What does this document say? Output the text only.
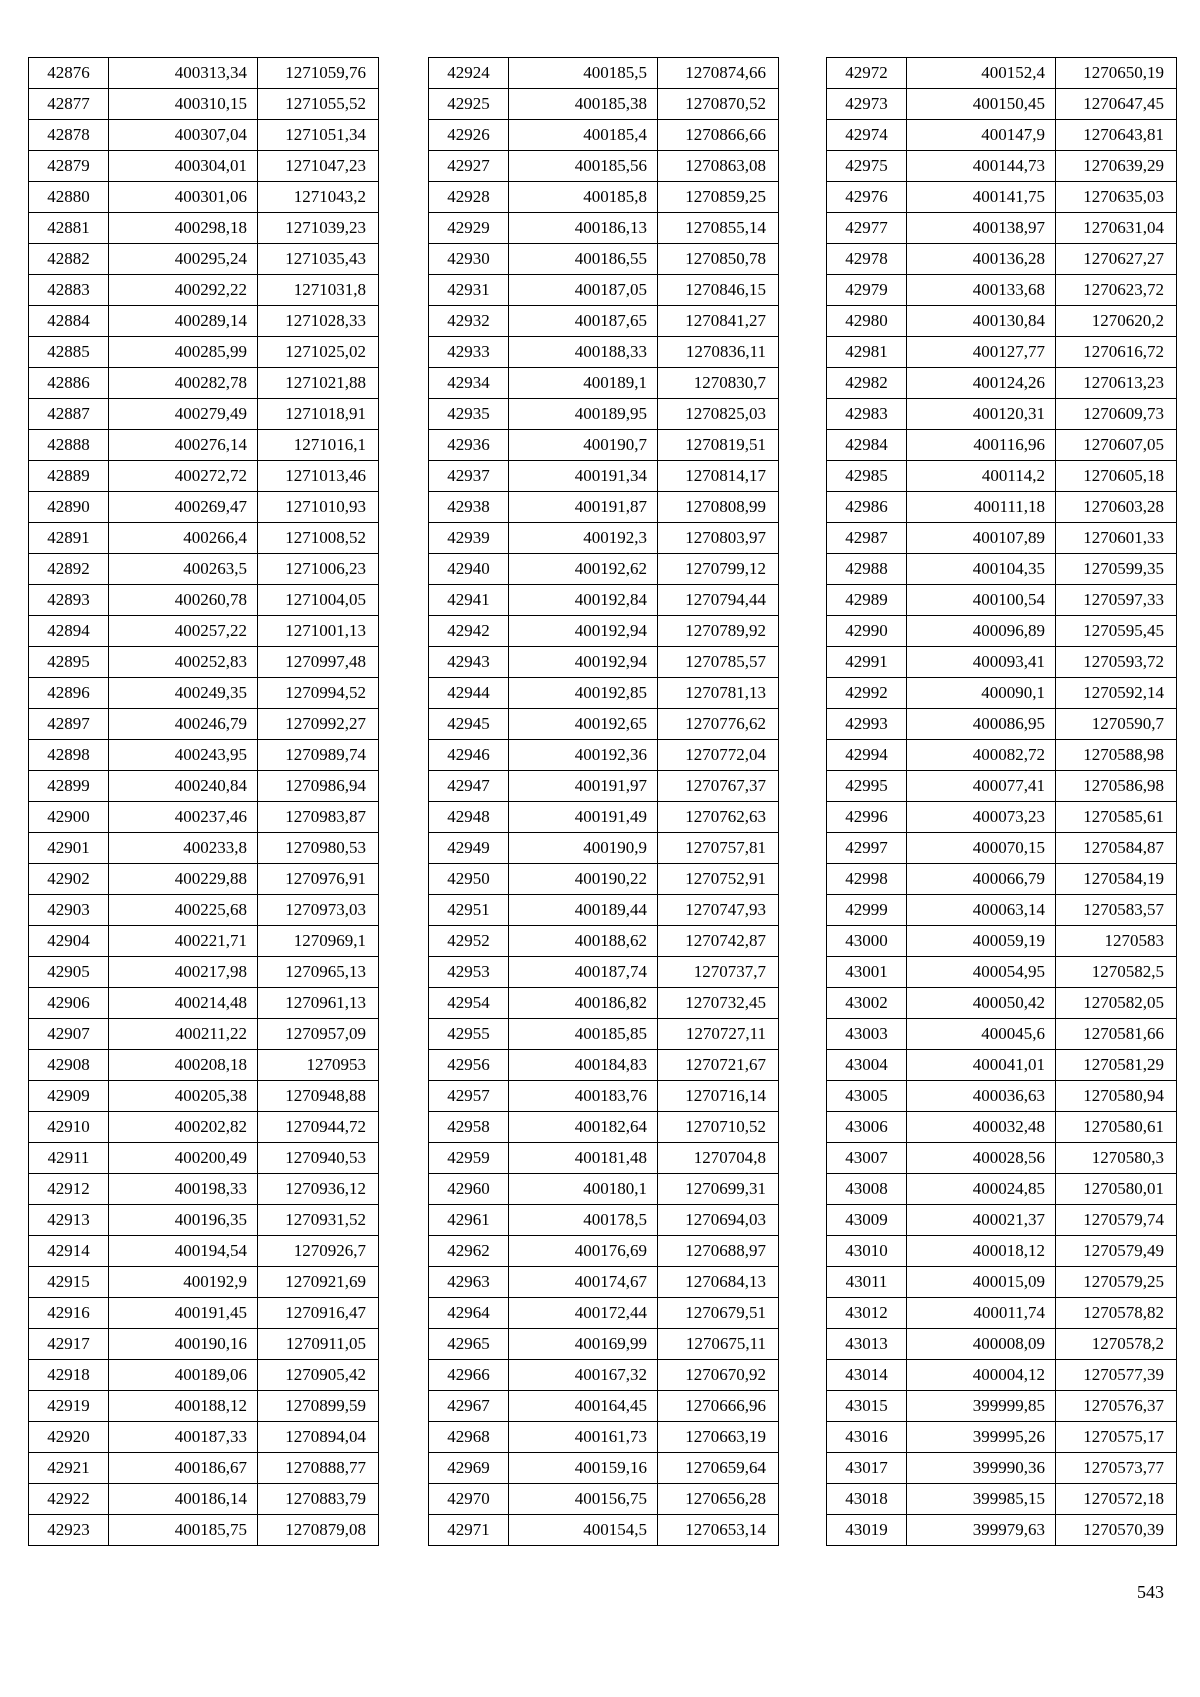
42876	400313,34	1271059,76
42877	400310,15	1271055,52
42878	400307,04	1271051,34
42879	400304,01	1271047,23
42880	400301,06	1271043,2
42881	400298,18	1271039,23
42882	400295,24	1271035,43
42883	400292,22	1271031,8
42884	400289,14	1271028,33
42885	400285,99	1271025,02
42886	400282,78	1271021,88
42887	400279,49	1271018,91
42888	400276,14	1271016,1
42889	400272,72	1271013,46
42890	400269,47	1271010,93
42891	400266,4	1271008,52
42892	400263,5	1271006,23
42893	400260,78	1271004,05
42894	400257,22	1271001,13
42895	400252,83	1270997,48
42896	400249,35	1270994,52
42897	400246,79	1270992,27
42898	400243,95	1270989,74
42899	400240,84	1270986,94
42900	400237,46	1270983,87
42901	400233,8	1270980,53
42902	400229,88	1270976,91
42903	400225,68	1270973,03
42904	400221,71	1270969,1
42905	400217,98	1270965,13
42906	400214,48	1270961,13
42907	400211,22	1270957,09
42908	400208,18	1270953
42909	400205,38	1270948,88
42910	400202,82	1270944,72
42911	400200,49	1270940,53
42912	400198,33	1270936,12
42913	400196,35	1270931,52
42914	400194,54	1270926,7
42915	400192,9	1270921,69
42916	400191,45	1270916,47
42917	400190,16	1270911,05
42918	400189,06	1270905,42
42919	400188,12	1270899,59
42920	400187,33	1270894,04
42921	400186,67	1270888,77
42922	400186,14	1270883,79
42923	400185,75	1270879,08
42924	400185,5	1270874,66
42925	400185,38	1270870,52
42926	400185,4	1270866,66
42927	400185,56	1270863,08
42928	400185,8	1270859,25
42929	400186,13	1270855,14
42930	400186,55	1270850,78
42931	400187,05	1270846,15
42932	400187,65	1270841,27
42933	400188,33	1270836,11
42934	400189,1	1270830,7
42935	400189,95	1270825,03
42936	400190,7	1270819,51
42937	400191,34	1270814,17
42938	400191,87	1270808,99
42939	400192,3	1270803,97
42940	400192,62	1270799,12
42941	400192,84	1270794,44
42942	400192,94	1270789,92
42943	400192,94	1270785,57
42944	400192,85	1270781,13
42945	400192,65	1270776,62
42946	400192,36	1270772,04
42947	400191,97	1270767,37
42948	400191,49	1270762,63
42949	400190,9	1270757,81
42950	400190,22	1270752,91
42951	400189,44	1270747,93
42952	400188,62	1270742,87
42953	400187,74	1270737,7
42954	400186,82	1270732,45
42955	400185,85	1270727,11
42956	400184,83	1270721,67
42957	400183,76	1270716,14
42958	400182,64	1270710,52
42959	400181,48	1270704,8
42960	400180,1	1270699,31
42961	400178,5	1270694,03
42962	400176,69	1270688,97
42963	400174,67	1270684,13
42964	400172,44	1270679,51
42965	400169,99	1270675,11
42966	400167,32	1270670,92
42967	400164,45	1270666,96
42968	400161,73	1270663,19
42969	400159,16	1270659,64
42970	400156,75	1270656,28
42971	400154,5	1270653,14
42972	400152,4	1270650,19
42973	400150,45	1270647,45
42974	400147,9	1270643,81
42975	400144,73	1270639,29
42976	400141,75	1270635,03
42977	400138,97	1270631,04
42978	400136,28	1270627,27
42979	400133,68	1270623,72
42980	400130,84	1270620,2
42981	400127,77	1270616,72
42982	400124,26	1270613,23
42983	400120,31	1270609,73
42984	400116,96	1270607,05
42985	400114,2	1270605,18
42986	400111,18	1270603,28
42987	400107,89	1270601,33
42988	400104,35	1270599,35
42989	400100,54	1270597,33
42990	400096,89	1270595,45
42991	400093,41	1270593,72
42992	400090,1	1270592,14
42993	400086,95	1270590,7
42994	400082,72	1270588,98
42995	400077,41	1270586,98
42996	400073,23	1270585,61
42997	400070,15	1270584,87
42998	400066,79	1270584,19
42999	400063,14	1270583,57
43000	400059,19	1270583
43001	400054,95	1270582,5
43002	400050,42	1270582,05
43003	400045,6	1270581,66
43004	400041,01	1270581,29
43005	400036,63	1270580,94
43006	400032,48	1270580,61
43007	400028,56	1270580,3
43008	400024,85	1270580,01
43009	400021,37	1270579,74
43010	400018,12	1270579,49
43011	400015,09	1270579,25
43012	400011,74	1270578,82
43013	400008,09	1270578,2
43014	400004,12	1270577,39
43015	399999,85	1270576,37
43016	399995,26	1270575,17
43017	399990,36	1270573,77
43018	399985,15	1270572,18
43019	399979,63	1270570,39
543
